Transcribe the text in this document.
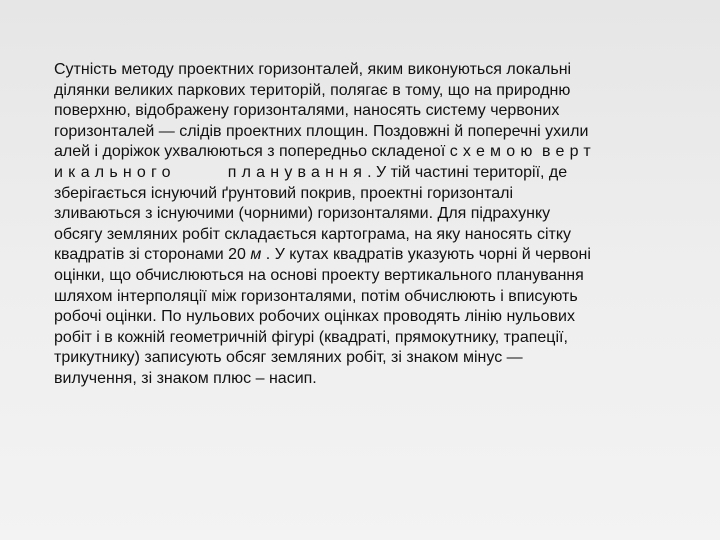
Сутність методу проектних горизонталей, яким виконуються локальні
ділянки великих паркових територій, полягає в тому, що на природню
поверхню, відображену горизонталями, наносять систему червоних
горизонталей — слідів проектних площин. Поздовжні й поперечні ухили
алей і доріжок ухвалюються з попередньо складеної схемою верт
икального	планування. У тій частині території, де
зберігається існуючий ґрунтовий покрив, проектні горизонталі
зливаються з існуючими (чорними) горизонталями. Для підрахунку
обсягу земляних робіт складається картограма, на яку наносять сітку
квадратів зі сторонами 20 м . У кутах квадратів указують чорні й червоні
оцінки, що обчислюються на основі проекту вертикального планування
шляхом інтерполяції між горизонталями, потім обчислюють і вписують
робочі оцінки. По нульових робочих оцінках проводять лінію нульових
робіт і в кожній геометричній фігурі (квадраті, прямокутнику, трапеції,
трикутнику) записують обсяг земляних робіт, зі знаком мінус —
вилучення, зі знаком плюс – насип.
